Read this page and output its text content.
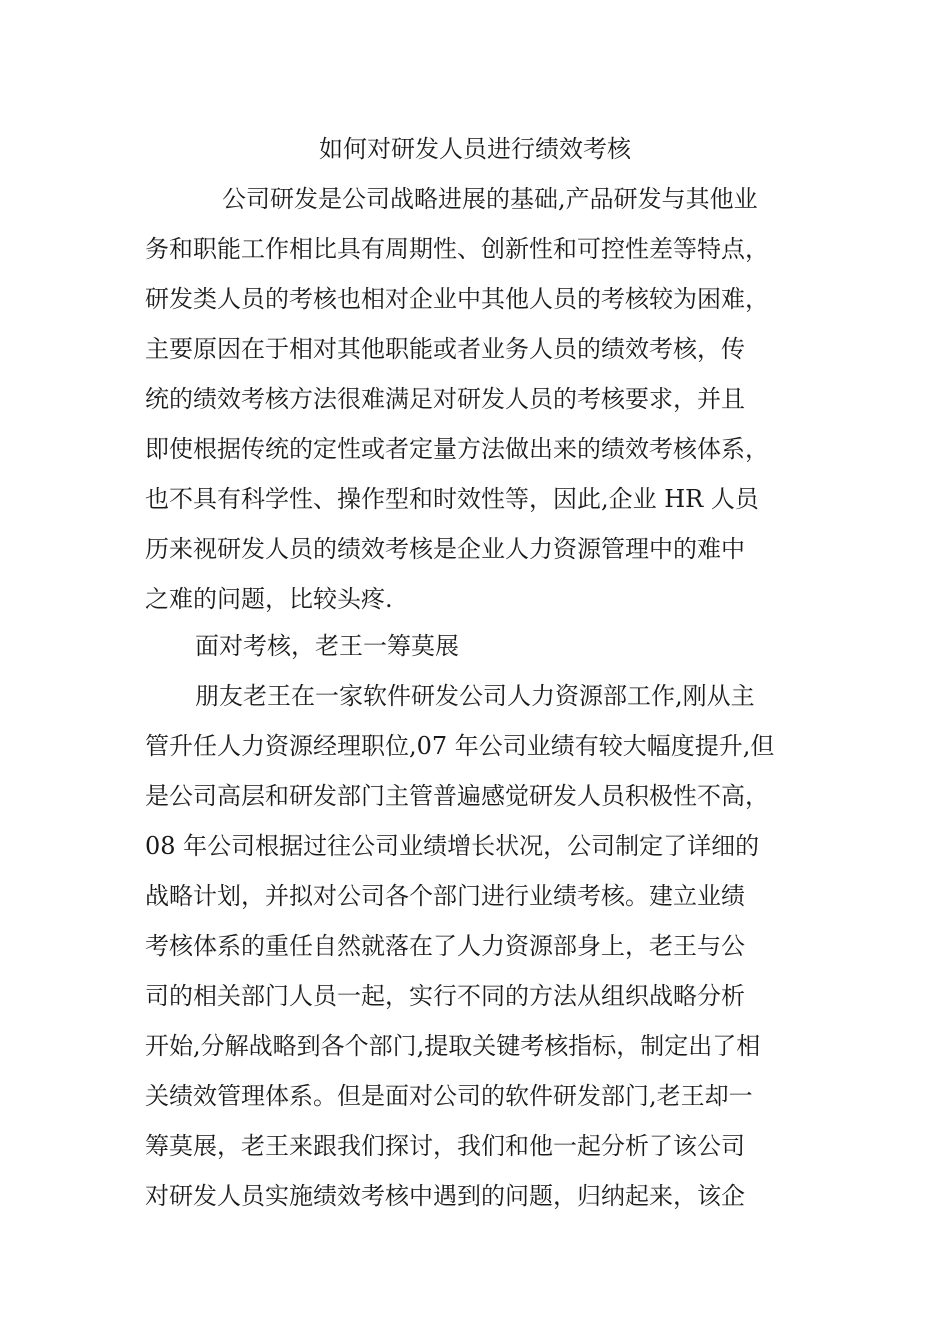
如何对研发人员进行绩效考核
公司研发是公司战略进展的基础,产品研发与其他业
务和职能工作相比具有周期性、创新性和可控性差等特点，
研发类人员的考核也相对企业中其他人员的考核较为困难，
主要原因在于相对其他职能或者业务人员的绩效考核，传
统的绩效考核方法很难满足对研发人员的考核要求，并且
即使根据传统的定性或者定量方法做出来的绩效考核体系，
也不具有科学性、操作型和时效性等，因此,企业 HR 人员
历来视研发人员的绩效考核是企业人力资源管理中的难中
之难的问题，比较头疼.
面对考核，老王一筹莫展
朋友老王在一家软件研发公司人力资源部工作,刚从主
管升任人力资源经理职位,07 年公司业绩有较大幅度提升,但
是公司高层和研发部门主管普遍感觉研发人员积极性不高，
08 年公司根据过往公司业绩增长状况，公司制定了详细的
战略计划，并拟对公司各个部门进行业绩考核。建立业绩
考核体系的重任自然就落在了人力资源部身上，老王与公
司的相关部门人员一起，实行不同的方法从组织战略分析
开始,分解战略到各个部门,提取关键考核指标，制定出了相
关绩效管理体系。但是面对公司的软件研发部门,老王却一
筹莫展，老王来跟我们探讨，我们和他一起分析了该公司
对研发人员实施绩效考核中遇到的问题，归纳起来，该企
